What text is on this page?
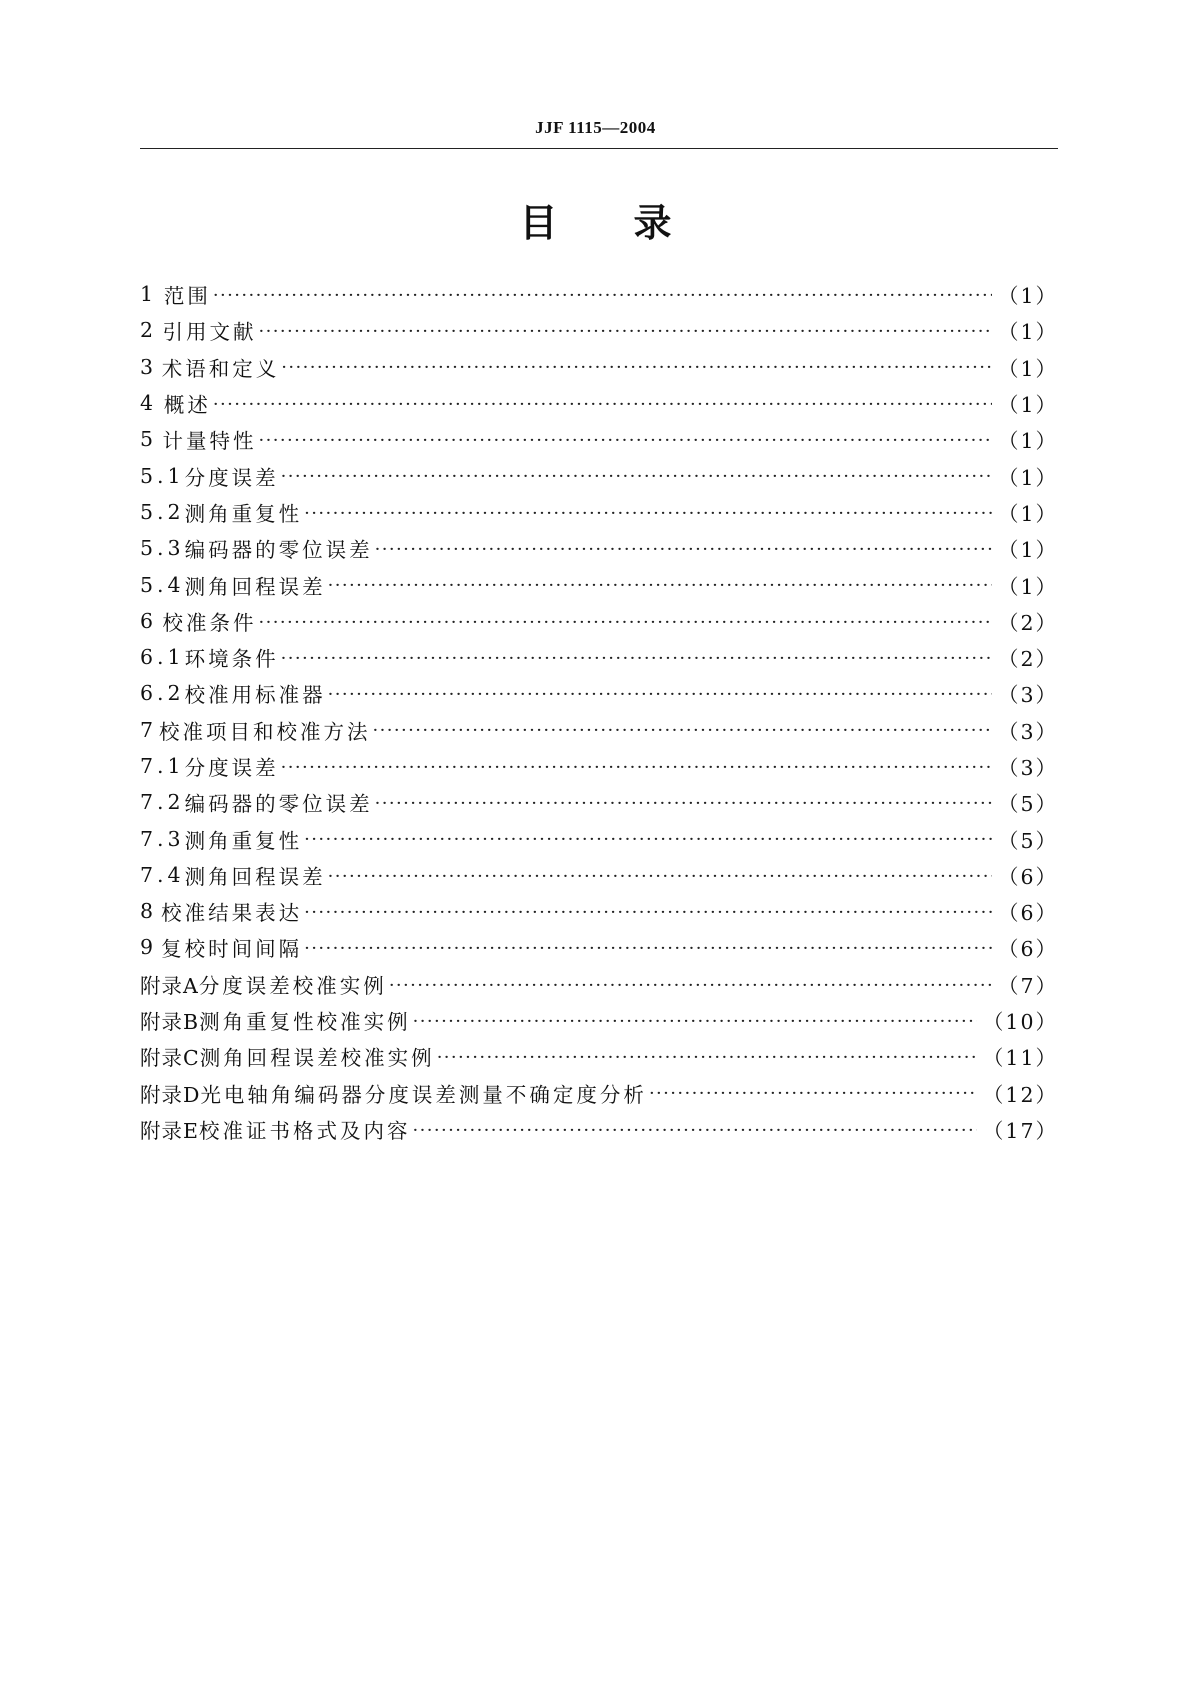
JJF 1115—2004
目录
1 范围 ·····	（1）
2 引用文献 ·····	（1）
3 术语和定义 ·····	（1）
4 概述 ·····	（1）
5 计量特性 ·····	（1）
5.1 分度误差 ·····	（1）
5.2 测角重复性 ·····	（1）
5.3 编码器的零位误差 ·····	（1）
5.4 测角回程误差 ·····	（1）
6 校准条件 ·····	（2）
6.1 环境条件 ·····	（2）
6.2 校准用标准器 ·····	（3）
7 校准项目和校准方法 ·····	（3）
7.1 分度误差 ·····	（3）
7.2 编码器的零位误差 ·····	（5）
7.3 测角重复性 ·····	（5）
7.4 测角回程误差 ·····	（6）
8 校准结果表达 ·····	（6）
9 复校时间间隔 ·····	（6）
附录A 分度误差校准实例 ·····	（7）
附录B 测角重复性校准实例 ·····	（10）
附录C 测角回程误差校准实例 ·····	（11）
附录D 光电轴角编码器分度误差测量不确定度分析 ·····	（12）
附录E 校准证书格式及内容 ·····	（17）
